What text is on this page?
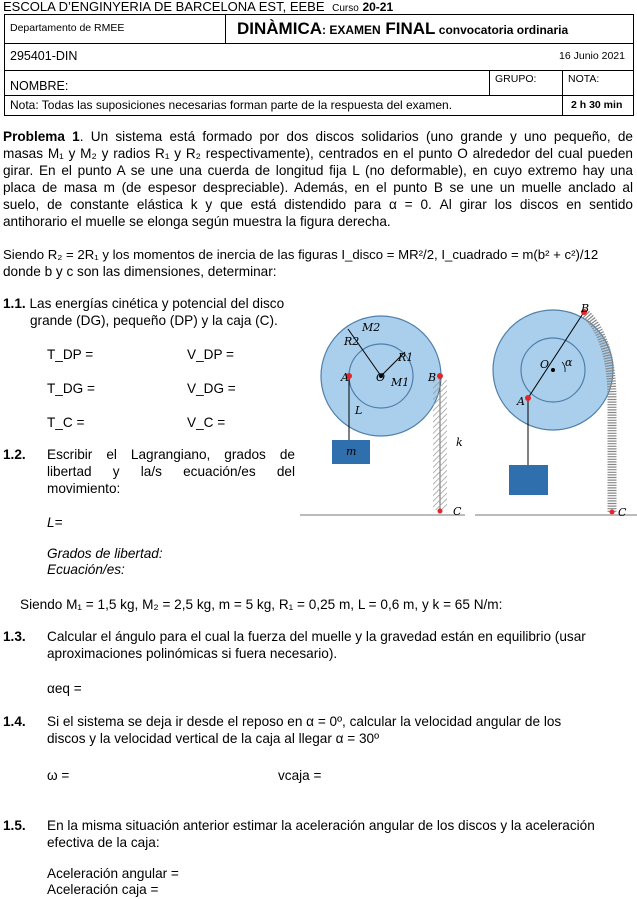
ESCOLA D’ENGINYERIA DE BARCELONA EST, EEBE Curso 20-21
Departamento de RMEE	DINÀMICA: EXAMEN FINAL convocatoria ordinaria
295401-DIN	16 Junio 2021
NOMBRE:	GRUPO:	NOTA:
Nota: Todas las suposiciones necesarias forman parte de la respuesta del examen.	2 h 30 min
Problema 1. Un sistema está formado por dos discos solidarios (uno grande y uno pequeño, de
masas M₁ y M₂ y radios R₁ y R₂ respectivamente), centrados en el punto O alrededor del cual pueden
girar. En el punto A se une una cuerda de longitud fija L (no deformable), en cuyo extremo hay una
placa de masa m (de espesor despreciable). Además, en el punto B se une un muelle anclado al
suelo, de constante elástica k y que está distendido para α = 0. Al girar los discos en sentido
antihorario el muelle se elonga según muestra la figura derecha.
Siendo R₂ = 2R₁ y los momentos de inercia de las figuras I_disco = MR²/2, I_cuadrado = m(b² + c²)/12
donde b y c son las dimensiones, determinar:
1.1. Las energías cinética y potencial del disco
grande (DG), pequeño (DP) y la caja (C).
T_DP =	V_DP =
T_DG =	V_DG =
T_C =	V_C =
1.2. Escribir el Lagrangiano, grados de
libertad y la/s ecuación/es del
movimiento:
L=
Grados de libertad:
Ecuación/es:
Siendo M₁ = 1,5 kg, M₂ = 2,5 kg, m = 5 kg, R₁ = 0,25 m, L = 0,6 m, y k = 65 N/m:
1.3. Calcular el ángulo para el cual la fuerza del muelle y la gravedad están en equilibrio (usar
aproximaciones polinómicas si fuera necesario).
αeq =
1.4. Si el sistema se deja ir desde el reposo en α = 0º, calcular la velocidad angular de los
discos y la velocidad vertical de la caja al llegar α = 30º
ω =	vcaja =
1.5. En la misma situación anterior estimar la aceleración angular de los discos y la aceleración
efectiva de la caja:
Aceleración angular =
Aceleración caja =
M2
R2
R1
M1
A O	B
L
m
k
C
B
O α
A
C
